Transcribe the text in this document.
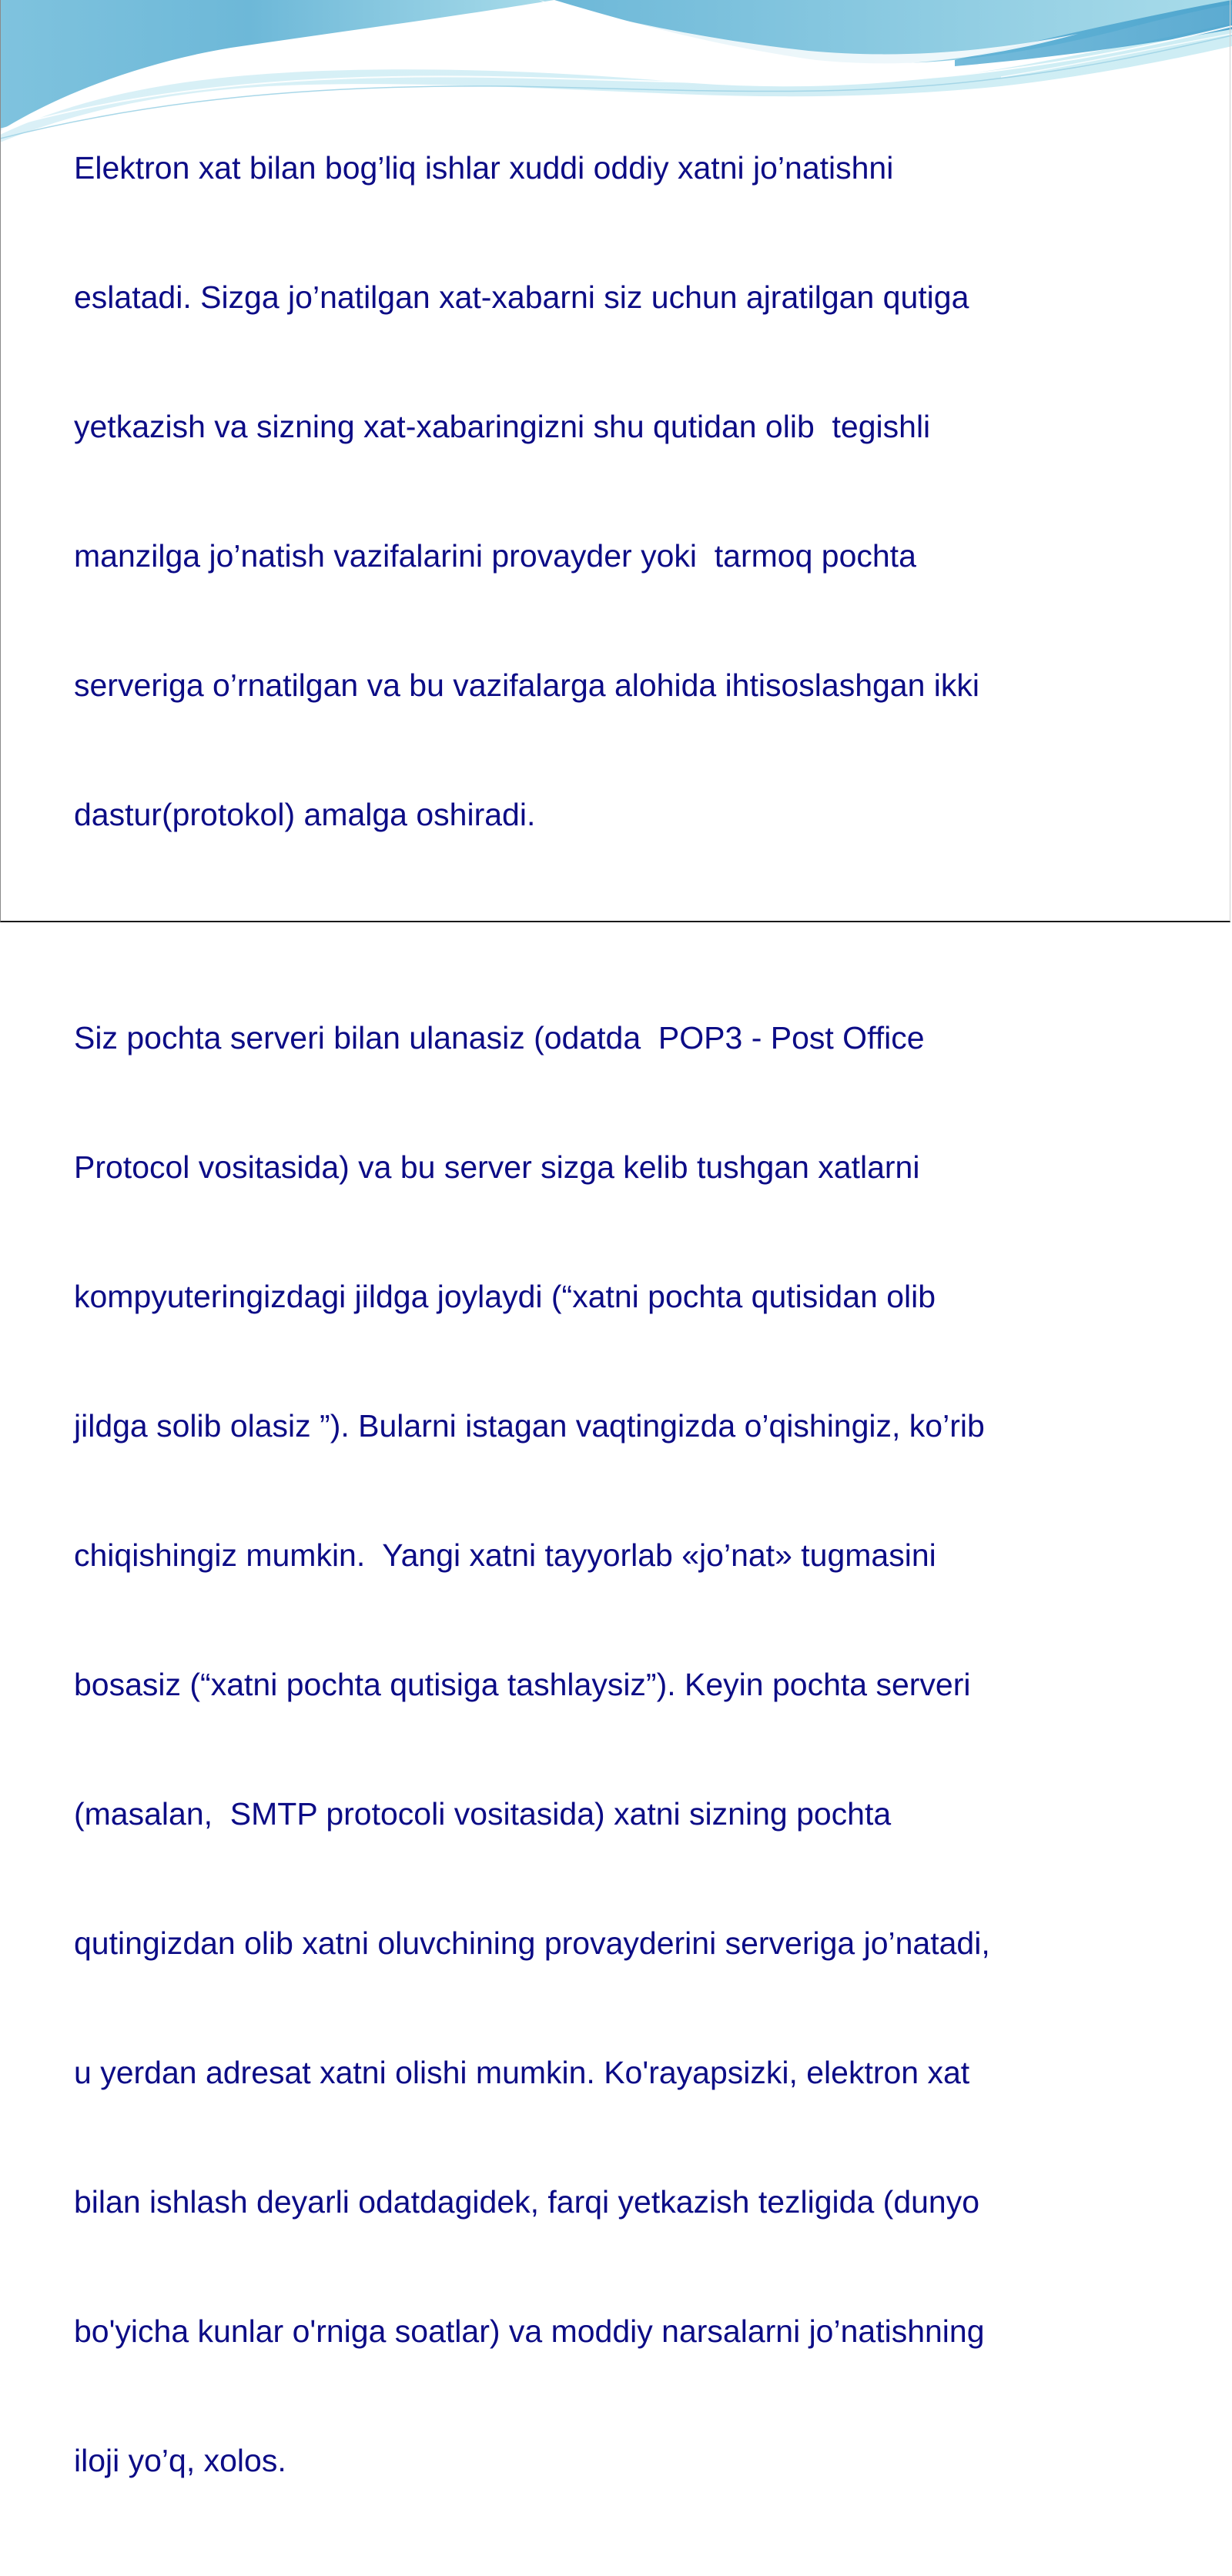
Elektron xat bilan bog’liq ishlar xuddi oddiy xatni jo’natishni

eslatadi. Sizga jo’natilgan xat-xabarni siz uchun ajratilgan qutiga

yetkazish va sizning xat-xabaringizni shu qutidan olib  tegishli

manzilga jo’natish vazifalarini provayder yoki  tarmoq pochta

serveriga o’rnatilgan va bu vazifalarga alohida ihtisoslashgan ikki

dastur(protokol) amalga oshiradi.

Siz pochta serveri bilan ulanasiz (odatda  POP3 - Post Office

Protocol vositasida) va bu server sizga kelib tushgan xatlarni

kompyuteringizdagi jildga joylaydi (“xatni pochta qutisidan olib

jildga solib olasiz ”). Bularni istagan vaqtingizda o’qishingiz, ko’rib

chiqishingiz mumkin.  Yangi xatni tayyorlab «jo’nat» tugmasini

bosasiz (“xatni pochta qutisiga tashlaysiz”). Keyin pochta serveri

(masalan,  SMTP protocoli vositasida) xatni sizning pochta

qutingizdan olib xatni oluvchining provayderini serveriga jo’natadi,

u yerdan adresat xatni olishi mumkin. Ko'rayapsizki, elektron xat

bilan ishlash deyarli odatdagidek, farqi yetkazish tezligida (dunyo

bo'yicha kunlar o'rniga soatlar) va moddiy narsalarni jo’natishning

iloji yo’q, xolos.
